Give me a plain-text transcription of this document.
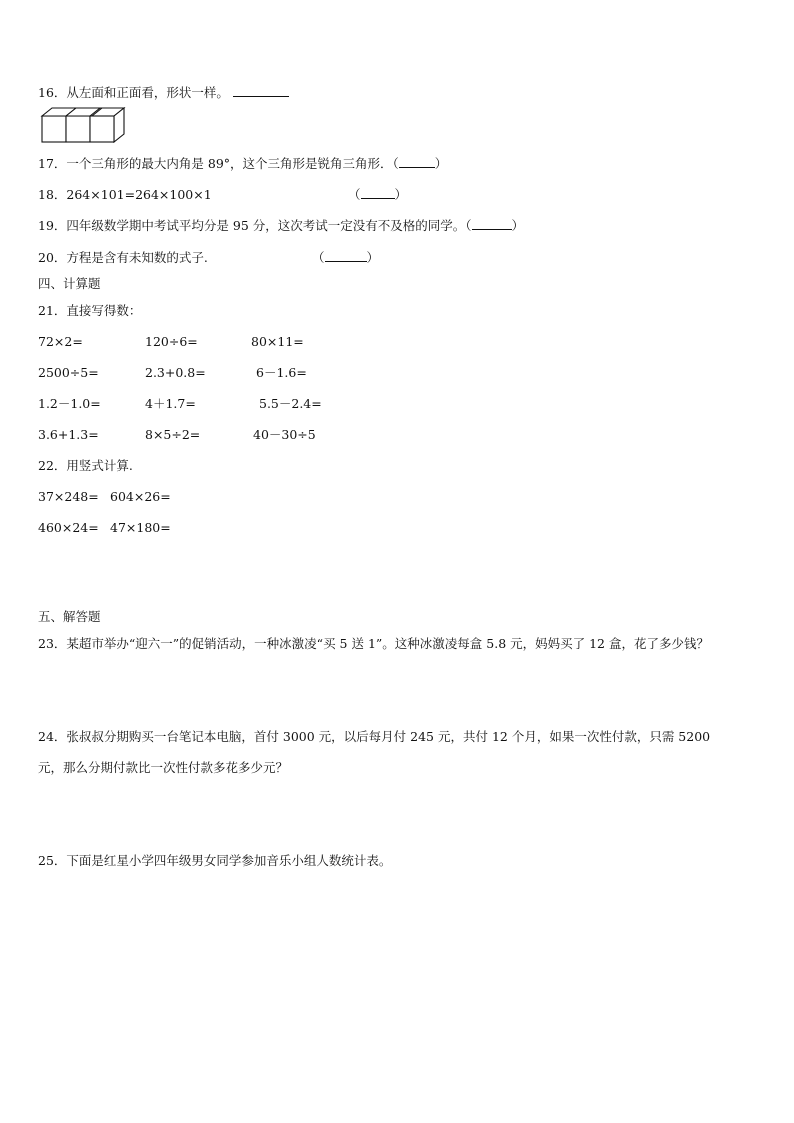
16．从左面和正面看，形状一样。
17．一个三角形的最大内角是 89°，这个三角形是锐角三角形．（	）
18．264×101=264×100×1	（	）
19．四年级数学期中考试平均分是 95 分，这次考试一定没有不及格的同学。（	）
20．方程是含有未知数的式子.	（	）
四、计算题
21．直接写得数：
72×2=	120÷6=	80×11=
2500÷5=	2.3+0.8=	6－1.6=
1.2－1.0=	4＋1.7=	5.5－2.4=
3.6+1.3=	8×5÷2=	40－30÷5
22．用竖式计算.
37×248= 604×26=
460×24= 47×180=
五、解答题
23．某超市举办“迎六一”的促销活动，一种冰激凌“买 5 送 1”。这种冰激凌每盒 5.8 元，妈妈买了 12 盒，花了多少钱？
24．张叔叔分期购买一台笔记本电脑，首付 3000 元，以后每月付 245 元，共付 12 个月，如果一次性付款，只需 5200
元，那么分期付款比一次性付款多花多少元？
25．下面是红星小学四年级男女同学参加音乐小组人数统计表。
